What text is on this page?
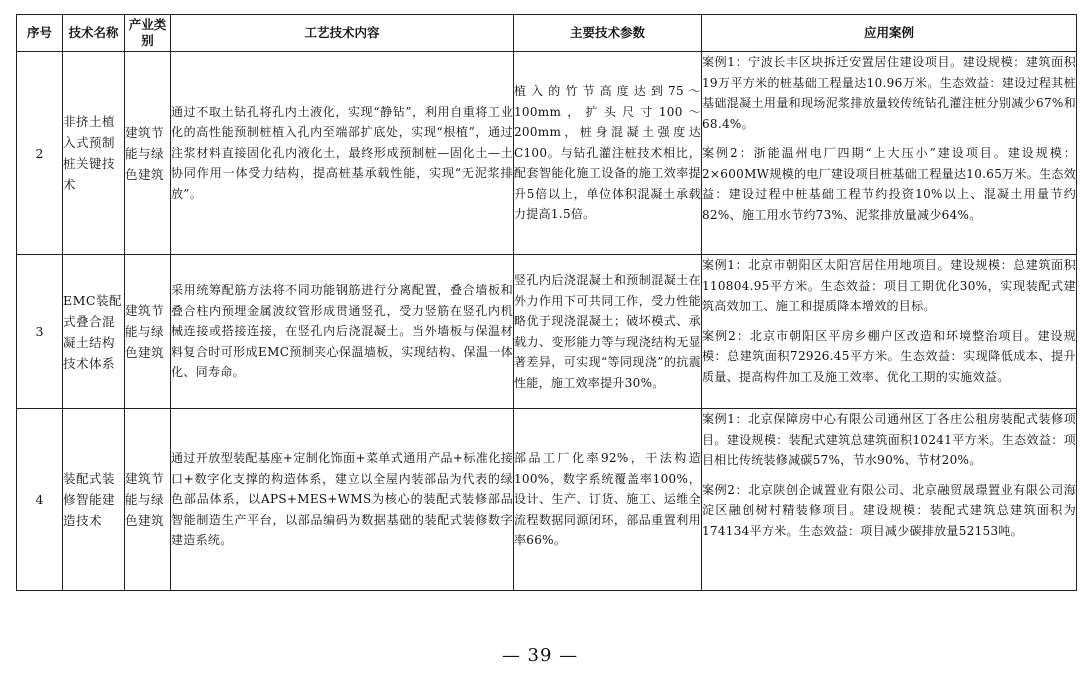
序号	技术名称	产业类别	工艺技术内容	主要技术参数	应用案例
2	非挤土植入式预制桩关键技术	建筑节能与绿色建筑	通过不取土钻孔将孔内土液化，实现“静钻”，利用自重将工业化的高性能预制桩植入孔内至端部扩底处，实现“根植”，通过注浆材料直接固化孔内液化土，最终形成预制桩—固化土—土协同作用一体受力结构，提高桩基承载性能，实现“无泥浆排放”。	植入的竹节高度达到75～100mm，扩头尺寸100～200mm，桩身混凝土强度达C100。与钻孔灌注桩技术相比，配套智能化施工设备的施工效率提升5倍以上，单位体积混凝土承载力提高1.5倍。	案例1：宁波长丰区块拆迁安置居住建设项目。建设规模：建筑面积19万平方米的桩基础工程量达10.96万米。生态效益：建设过程其桩基础混凝土用量和现场泥浆排放量较传统钻孔灌注桩分别减少67%和68.4%。
案例2：浙能温州电厂四期“上大压小”建设项目。建设规模：2×600MW规模的电厂建设项目桩基础工程量达10.65万米。生态效益：建设过程中桩基础工程节约投资10%以上、混凝土用量节约82%、施工用水节约73%、泥浆排放量减少64%。

3	EMC装配式叠合混凝土结构技术体系	建筑节能与绿色建筑	采用统筹配筋方法将不同功能钢筋进行分离配置，叠合墙板和叠合柱内预埋金属波纹管形成贯通竖孔，受力竖筋在竖孔内机械连接或搭接连接，在竖孔内后浇混凝土。当外墙板与保温材料复合时可形成EMC预制夹心保温墙板，实现结构、保温一体化、同寿命。	竖孔内后浇混凝土和预制混凝土在外力作用下可共同工作，受力性能略优于现浇混凝土；破坏模式、承载力、变形能力等与现浇结构无显著差异，可实现“等同现浇”的抗震性能，施工效率提升30%。	案例1：北京市朝阳区太阳宫居住用地项目。建设规模：总建筑面积110804.95平方米。生态效益：项目工期优化30%，实现装配式建筑高效加工、施工和提质降本增效的目标。
案例2：北京市朝阳区平房乡棚户区改造和环境整治项目。建设规模：总建筑面积72926.45平方米。生态效益：实现降低成本、提升质量、提高构件加工及施工效率、优化工期的实施效益。

4	装配式装修智能建造技术	建筑节能与绿色建筑	通过开放型装配基座+定制化饰面+菜单式通用产品+标准化接口+数字化支撑的构造体系，建立以全屋内装部品为代表的绿色部品体系，以APS+MES+WMS为核心的装配式装修部品智能制造生产平台，以部品编码为数据基础的装配式装修数字建造系统。	部品工厂化率92%，干法构造100%，数字系统覆盖率100%，设计、生产、订货、施工、运维全流程数据同源闭环，部品重置利用率66%。	案例1：北京保障房中心有限公司通州区丁各庄公租房装配式装修项目。建设规模：装配式建筑总建筑面积10241平方米。生态效益：项目相比传统装修减碳57%，节水90%、节材20%。
案例2：北京陕创企诚置业有限公司、北京融贸晟璟置业有限公司海淀区融创树村精装修项目。建设规模：装配式建筑总建筑面积为174134平方米。生态效益：项目减少碳排放量52153吨。
— 39 —
